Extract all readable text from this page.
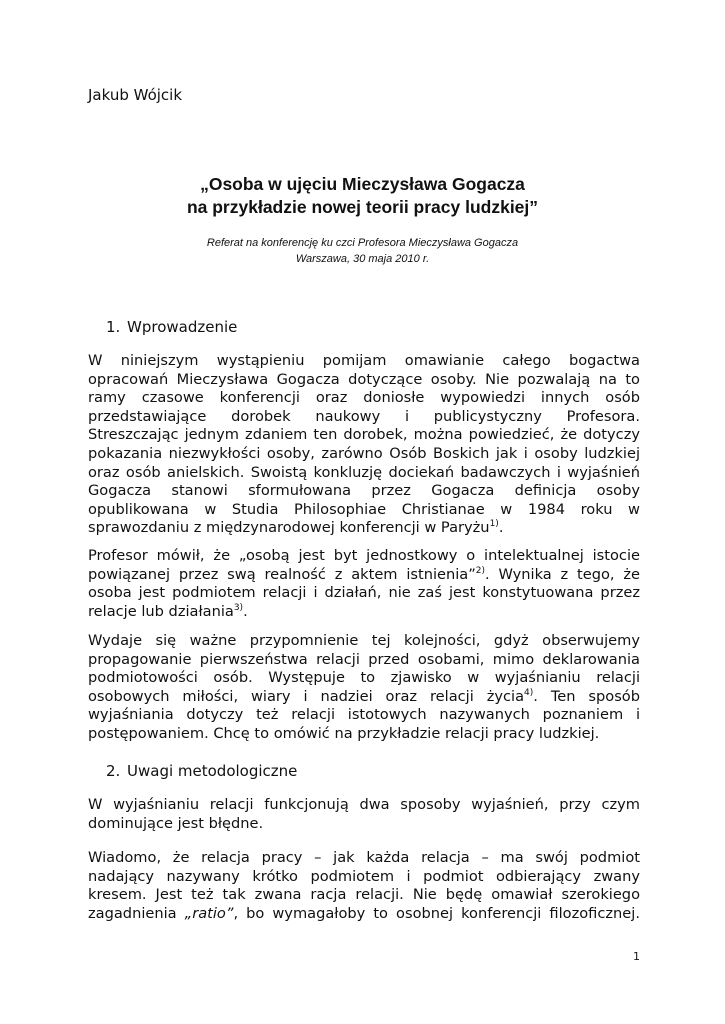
Jakub Wójcik
„Osoba w ujęciu Mieczysława Gogacza
na przykładzie nowej teorii pracy ludzkiej”
Referat na konferencję ku czci Profesora Mieczysława Gogacza
Warszawa, 30 maja 2010 r.
1. Wprowadzenie
W niniejszym wystąpieniu pomijam omawianie całego bogactwa
opracowań Mieczysława Gogacza dotyczące osoby. Nie pozwalają na to
ramy czasowe konferencji oraz doniosłe wypowiedzi innych osób
przedstawiające dorobek naukowy i publicystyczny Profesora.
Streszczając jednym zdaniem ten dorobek, można powiedzieć, że dotyczy
pokazania niezwykłości osoby, zarówno Osób Boskich jak i osoby ludzkiej
oraz osób anielskich. Swoistą konkluzję dociekań badawczych i wyjaśnień
Gogacza stanowi sformułowana przez Gogacza definicja osoby
opublikowana w Studia Philosophiae Christianae w 1984 roku w
sprawozdaniu z międzynarodowej konferencji w Paryżu$^{1)}$.
Profesor mówił, że „osobą jest byt jednostkowy o intelektualnej istocie
powiązanej przez swą realność z aktem istnienia”$^{2)}$. Wynika z tego, że
osoba jest podmiotem relacji i działań, nie zaś jest konstytuowana przez
relacje lub działania$^{3)}$.
Wydaje się ważne przypomnienie tej kolejności, gdyż obserwujemy
propagowanie pierwszeństwa relacji przed osobami, mimo deklarowania
podmiotowości osób. Występuje to zjawisko w wyjaśnianiu relacji
osobowych miłości, wiary i nadziei oraz relacji życia$^{4)}$. Ten sposób
wyjaśniania dotyczy też relacji istotowych nazywanych poznaniem i
postępowaniem. Chcę to omówić na przykładzie relacji pracy ludzkiej.
2. Uwagi metodologiczne
W wyjaśnianiu relacji funkcjonują dwa sposoby wyjaśnień, przy czym
dominujące jest błędne.
Wiadomo, że relacja pracy – jak każda relacja – ma swój podmiot
nadający nazywany krótko podmiotem i podmiot odbierający zwany
kresem. Jest też tak zwana racja relacji. Nie będę omawiał szerokiego
zagadnienia „ratio”, bo wymagałoby to osobnej konferencji filozoficznej.
1
